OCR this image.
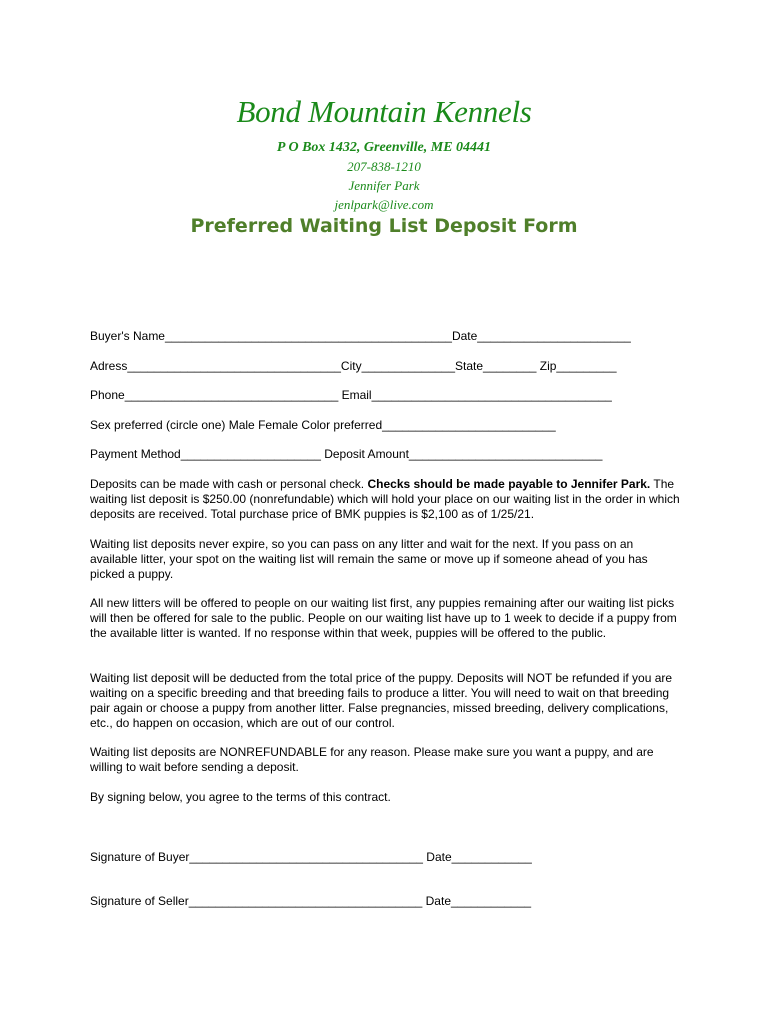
Bond Mountain Kennels
P O Box 1432, Greenville, ME 04441
207-838-1210
Jennifer Park
jenlpark@live.com
Preferred Waiting List Deposit Form
Buyer's Name___________________________________________Date_______________________
Adress________________________________City______________State________ Zip_________
Phone________________________________ Email____________________________________
Sex preferred (circle one) Male Female Color preferred__________________________
Payment Method_____________________ Deposit Amount_____________________________
Deposits can be made with cash or personal check. Checks should be made payable to Jennifer Park. The waiting list deposit is $250.00 (nonrefundable) which will hold your place on our waiting list in the order in which deposits are received. Total purchase price of BMK puppies is $2,100 as of 1/25/21.
Waiting list deposits never expire, so you can pass on any litter and wait for the next. If you pass on an available litter, your spot on the waiting list will remain the same or move up if someone ahead of you has picked a puppy.
All new litters will be offered to people on our waiting list first, any puppies remaining after our waiting list picks will then be offered for sale to the public. People on our waiting list have up to 1 week to decide if a puppy from the available litter is wanted. If no response within that week, puppies will be offered to the public.
Waiting list deposit will be deducted from the total price of the puppy. Deposits will NOT be refunded if you are waiting on a specific breeding and that breeding fails to produce a litter. You will need to wait on that breeding pair again or choose a puppy from another litter. False pregnancies, missed breeding, delivery complications, etc., do happen on occasion, which are out of our control.
Waiting list deposits are NONREFUNDABLE for any reason. Please make sure you want a puppy, and are willing to wait before sending a deposit.
By signing below, you agree to the terms of this contract.
Signature of Buyer___________________________________ Date____________
Signature of Seller___________________________________ Date____________
